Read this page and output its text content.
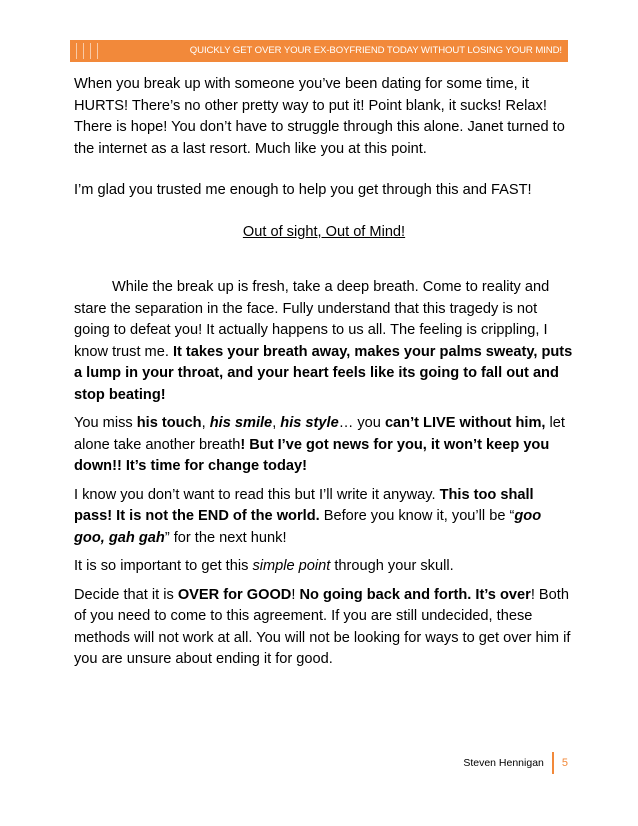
QUICKLY GET OVER YOUR EX-BOYFRIEND TODAY WITHOUT LOSING YOUR MIND!

When you break up with someone you’ve been dating for some time, it HURTS! There’s no other pretty way to put it! Point blank, it sucks! Relax! There is hope! You don’t have to struggle through this alone. Janet turned to the internet as a last resort. Much like you at this point.

I’m glad you trusted me enough to help you get through this and FAST!

Out of sight, Out of Mind!

While the break up is fresh, take a deep breath. Come to reality and stare the separation in the face. Fully understand that this tragedy is not going to defeat you! It actually happens to us all. The feeling is crippling, I know trust me. It takes your breath away, makes your palms sweaty, puts a lump in your throat, and your heart feels like its going to fall out and stop beating!

You miss his touch, his smile, his style… you can’t LIVE without him, let alone take another breath! But I’ve got news for you, it won’t keep you down!! It’s time for change today!

I know you don’t want to read this but I’ll write it anyway. This too shall pass! It is not the END of the world. Before you know it, you’ll be “goo goo, gah gah” for the next hunk!

It is so important to get this simple point through your skull.

Decide that it is OVER for GOOD! No going back and forth. It’s over! Both of you need to come to this agreement. If you are still undecided, these methods will not work at all. You will not be looking for ways to get over him if you are unsure about ending it for good.

Steven Hennigan 5
